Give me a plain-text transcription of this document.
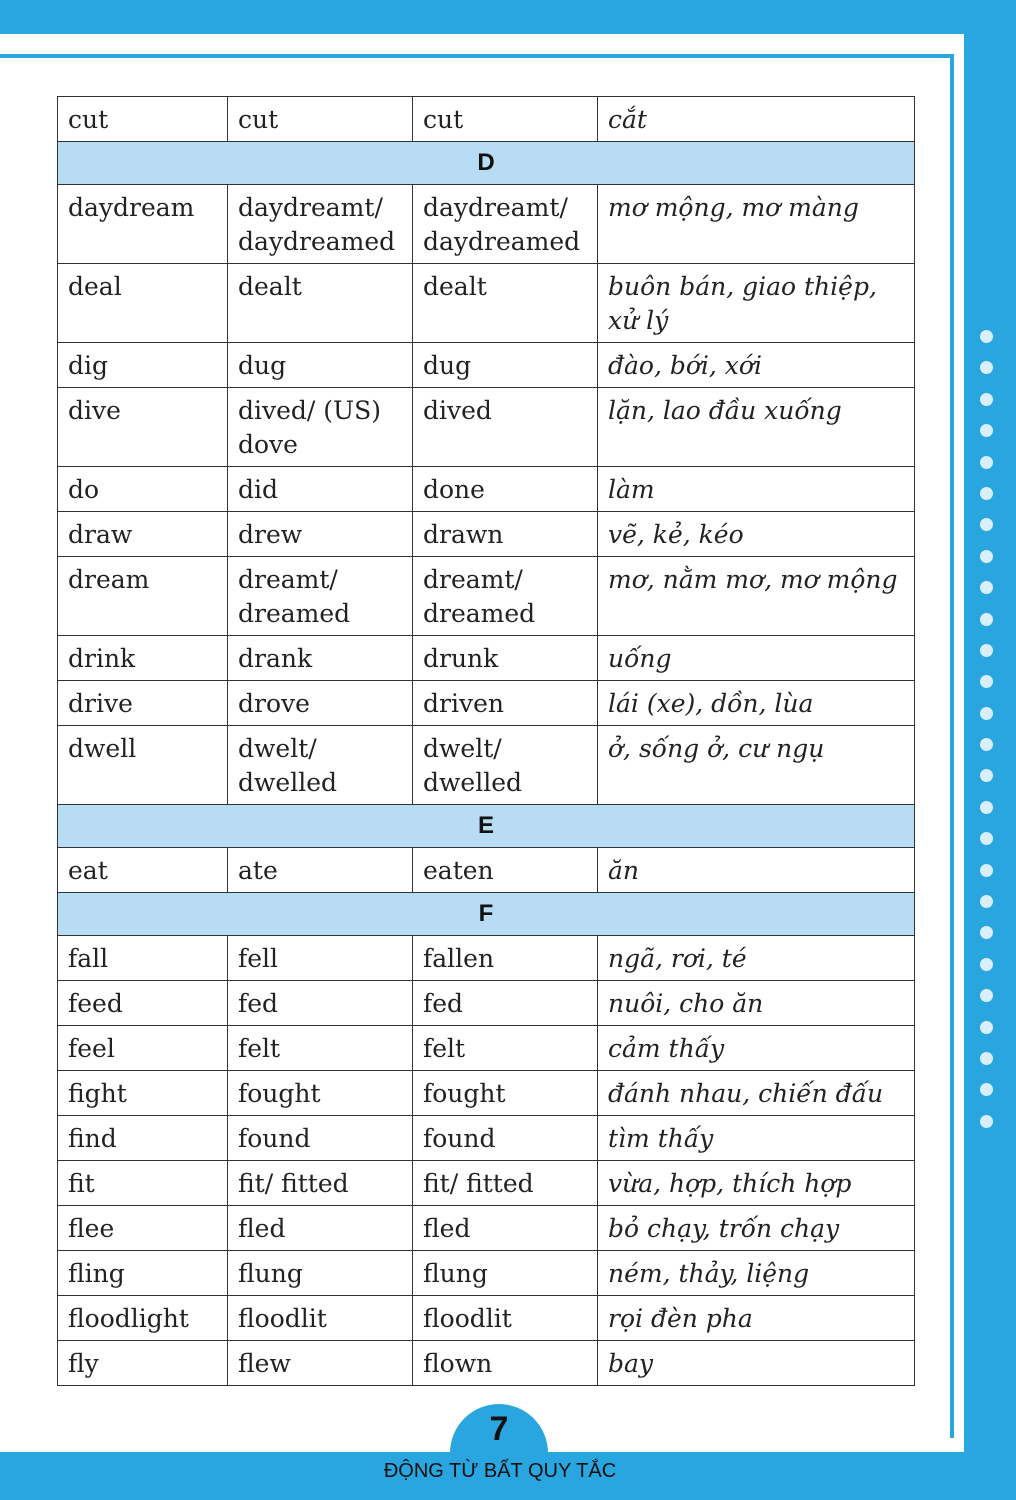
cut	cut	cut	cắt
D			
daydream	daydreamt/ daydreamed	daydreamt/ daydreamed	mơ mộng, mơ màng
deal	dealt	dealt	buôn bán, giao thiệp, xử lý
dig	dug	dug	đào, bới, xới
dive	dived/ (US) dove	dived	lặn, lao đầu xuống
do	did	done	làm
draw	drew	drawn	vẽ, kẻ, kéo
dream	dreamt/ dreamed	dreamt/ dreamed	mơ, nằm mơ, mơ mộng
drink	drank	drunk	uống
drive	drove	driven	lái (xe), dồn, lùa
dwell	dwelt/ dwelled	dwelt/ dwelled	ở, sống ở, cư ngụ
E			
eat	ate	eaten	ăn
F			
fall	fell	fallen	ngã, rơi, té
feed	fed	fed	nuôi, cho ăn
feel	felt	felt	cảm thấy
fight	fought	fought	đánh nhau, chiến đấu
find	found	found	tìm thấy
fit	fit/ fitted	fit/ fitted	vừa, hợp, thích hợp
flee	fled	fled	bỏ chạy, trốn chạy
fling	flung	flung	ném, thảy, liệng
floodlight	floodlit	floodlit	rọi đèn pha
fly	flew	flown	bay
7
ĐỘNG TỪ BẤT QUY TẮC
